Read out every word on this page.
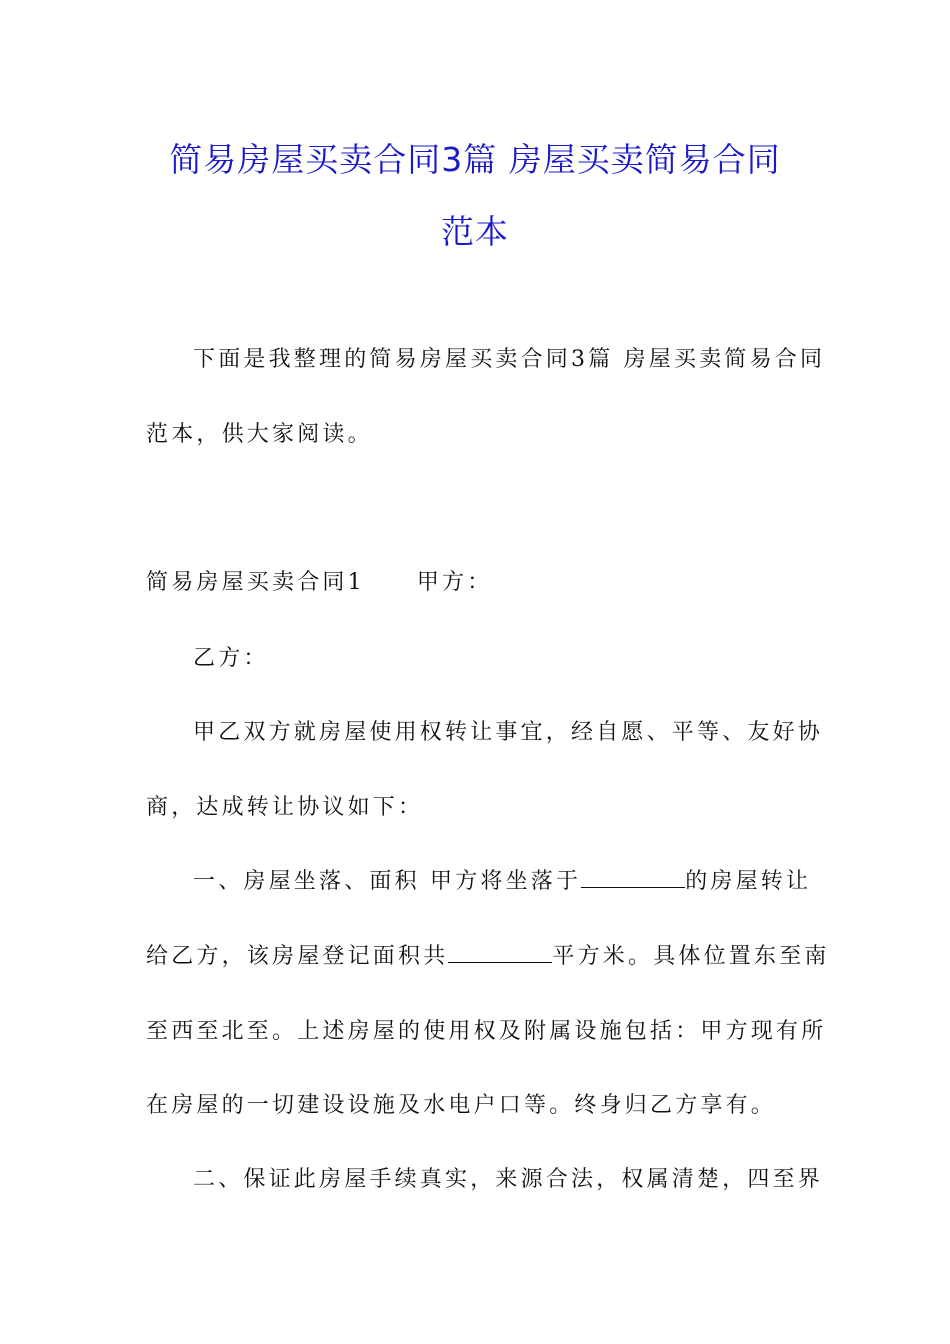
简易房屋买卖合同3篇 房屋买卖简易合同
范本
下面是我整理的简易房屋买卖合同3篇 房屋买卖简易合同
范本，供大家阅读。
简易房屋买卖合同1 甲方：
乙方：
甲乙双方就房屋使用权转让事宜，经自愿、平等、友好协
商，达成转让协议如下：
一、房屋坐落、面积 甲方将坐落于	的房屋转让
给乙方，该房屋登记面积共	平方米。具体位置东至南
至西至北至。上述房屋的使用权及附属设施包括：甲方现有所
在房屋的一切建设设施及水电户口等。终身归乙方享有。
二、保证此房屋手续真实，来源合法，权属清楚，四至界
